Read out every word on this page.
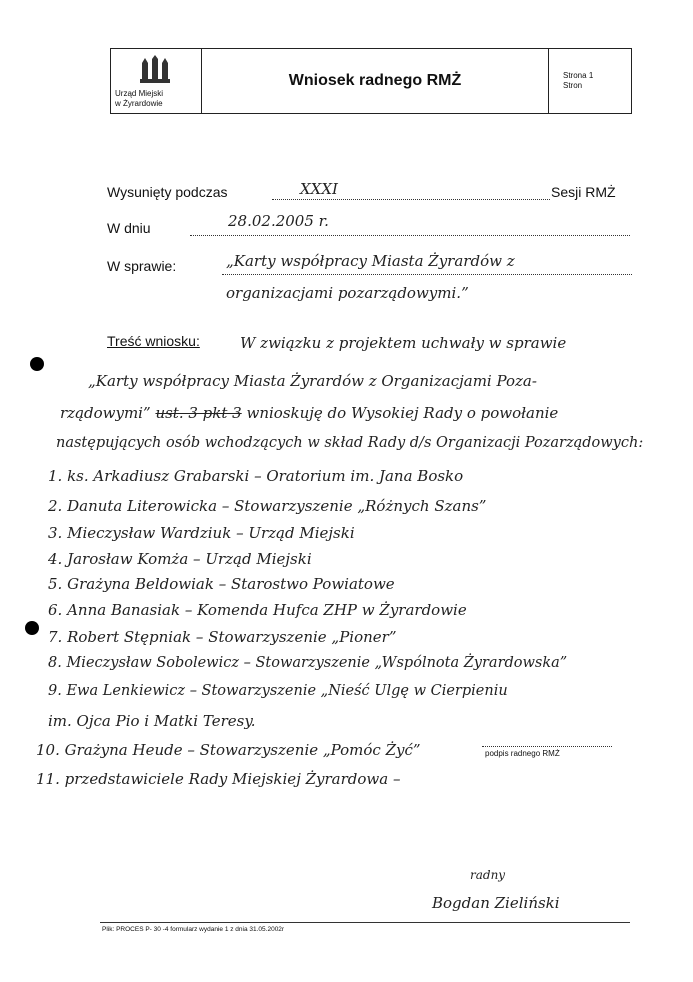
Urząd Miejski
w Żyrardowie
Wniosek radnego RMŻ	Strona 1
Stron
Wysunięty podczas	XXXI	Sesji RMŻ
W dniu	28.02.2005 r.
W sprawie:	„Karty współpracy Miasta Żyrardów z
organizacjami pozarządowymi.”
Treść wniosku:	W związku z projektem uchwały w sprawie
„Karty współpracy Miasta Żyrardów z Organizacjami Poza-
rządowymi” ust. 3 pkt 3 wnioskuję do Wysokiej Rady o powołanie
następujących osób wchodzących w skład Rady d/s Organizacji Pozarządowych:
1. ks. Arkadiusz Grabarski – Oratorium im. Jana Bosko
2. Danuta Literowicka – Stowarzyszenie „Różnych Szans”
3. Mieczysław Wardziuk – Urząd Miejski
4. Jarosław Komża – Urząd Miejski
5. Grażyna Beldowiak – Starostwo Powiatowe
6. Anna Banasiak – Komenda Hufca ZHP w Żyrardowie
7. Robert Stępniak – Stowarzyszenie „Pioner”
8. Mieczysław Sobolewicz – Stowarzyszenie „Wspólnota Żyrardowska”
9. Ewa Lenkiewicz – Stowarzyszenie „Nieść Ulgę w Cierpieniu
im. Ojca Pio i Matki Teresy.
10. Grażyna Heude – Stowarzyszenie „Pomóc Żyć”
11. przedstawiciele Rady Miejskiej Żyrardowa –
podpis radnego RMŻ
radny
Bogdan Zieliński
Plik: PROCES P- 30 -4 formularz wydanie 1 z dnia 31.05.2002r
